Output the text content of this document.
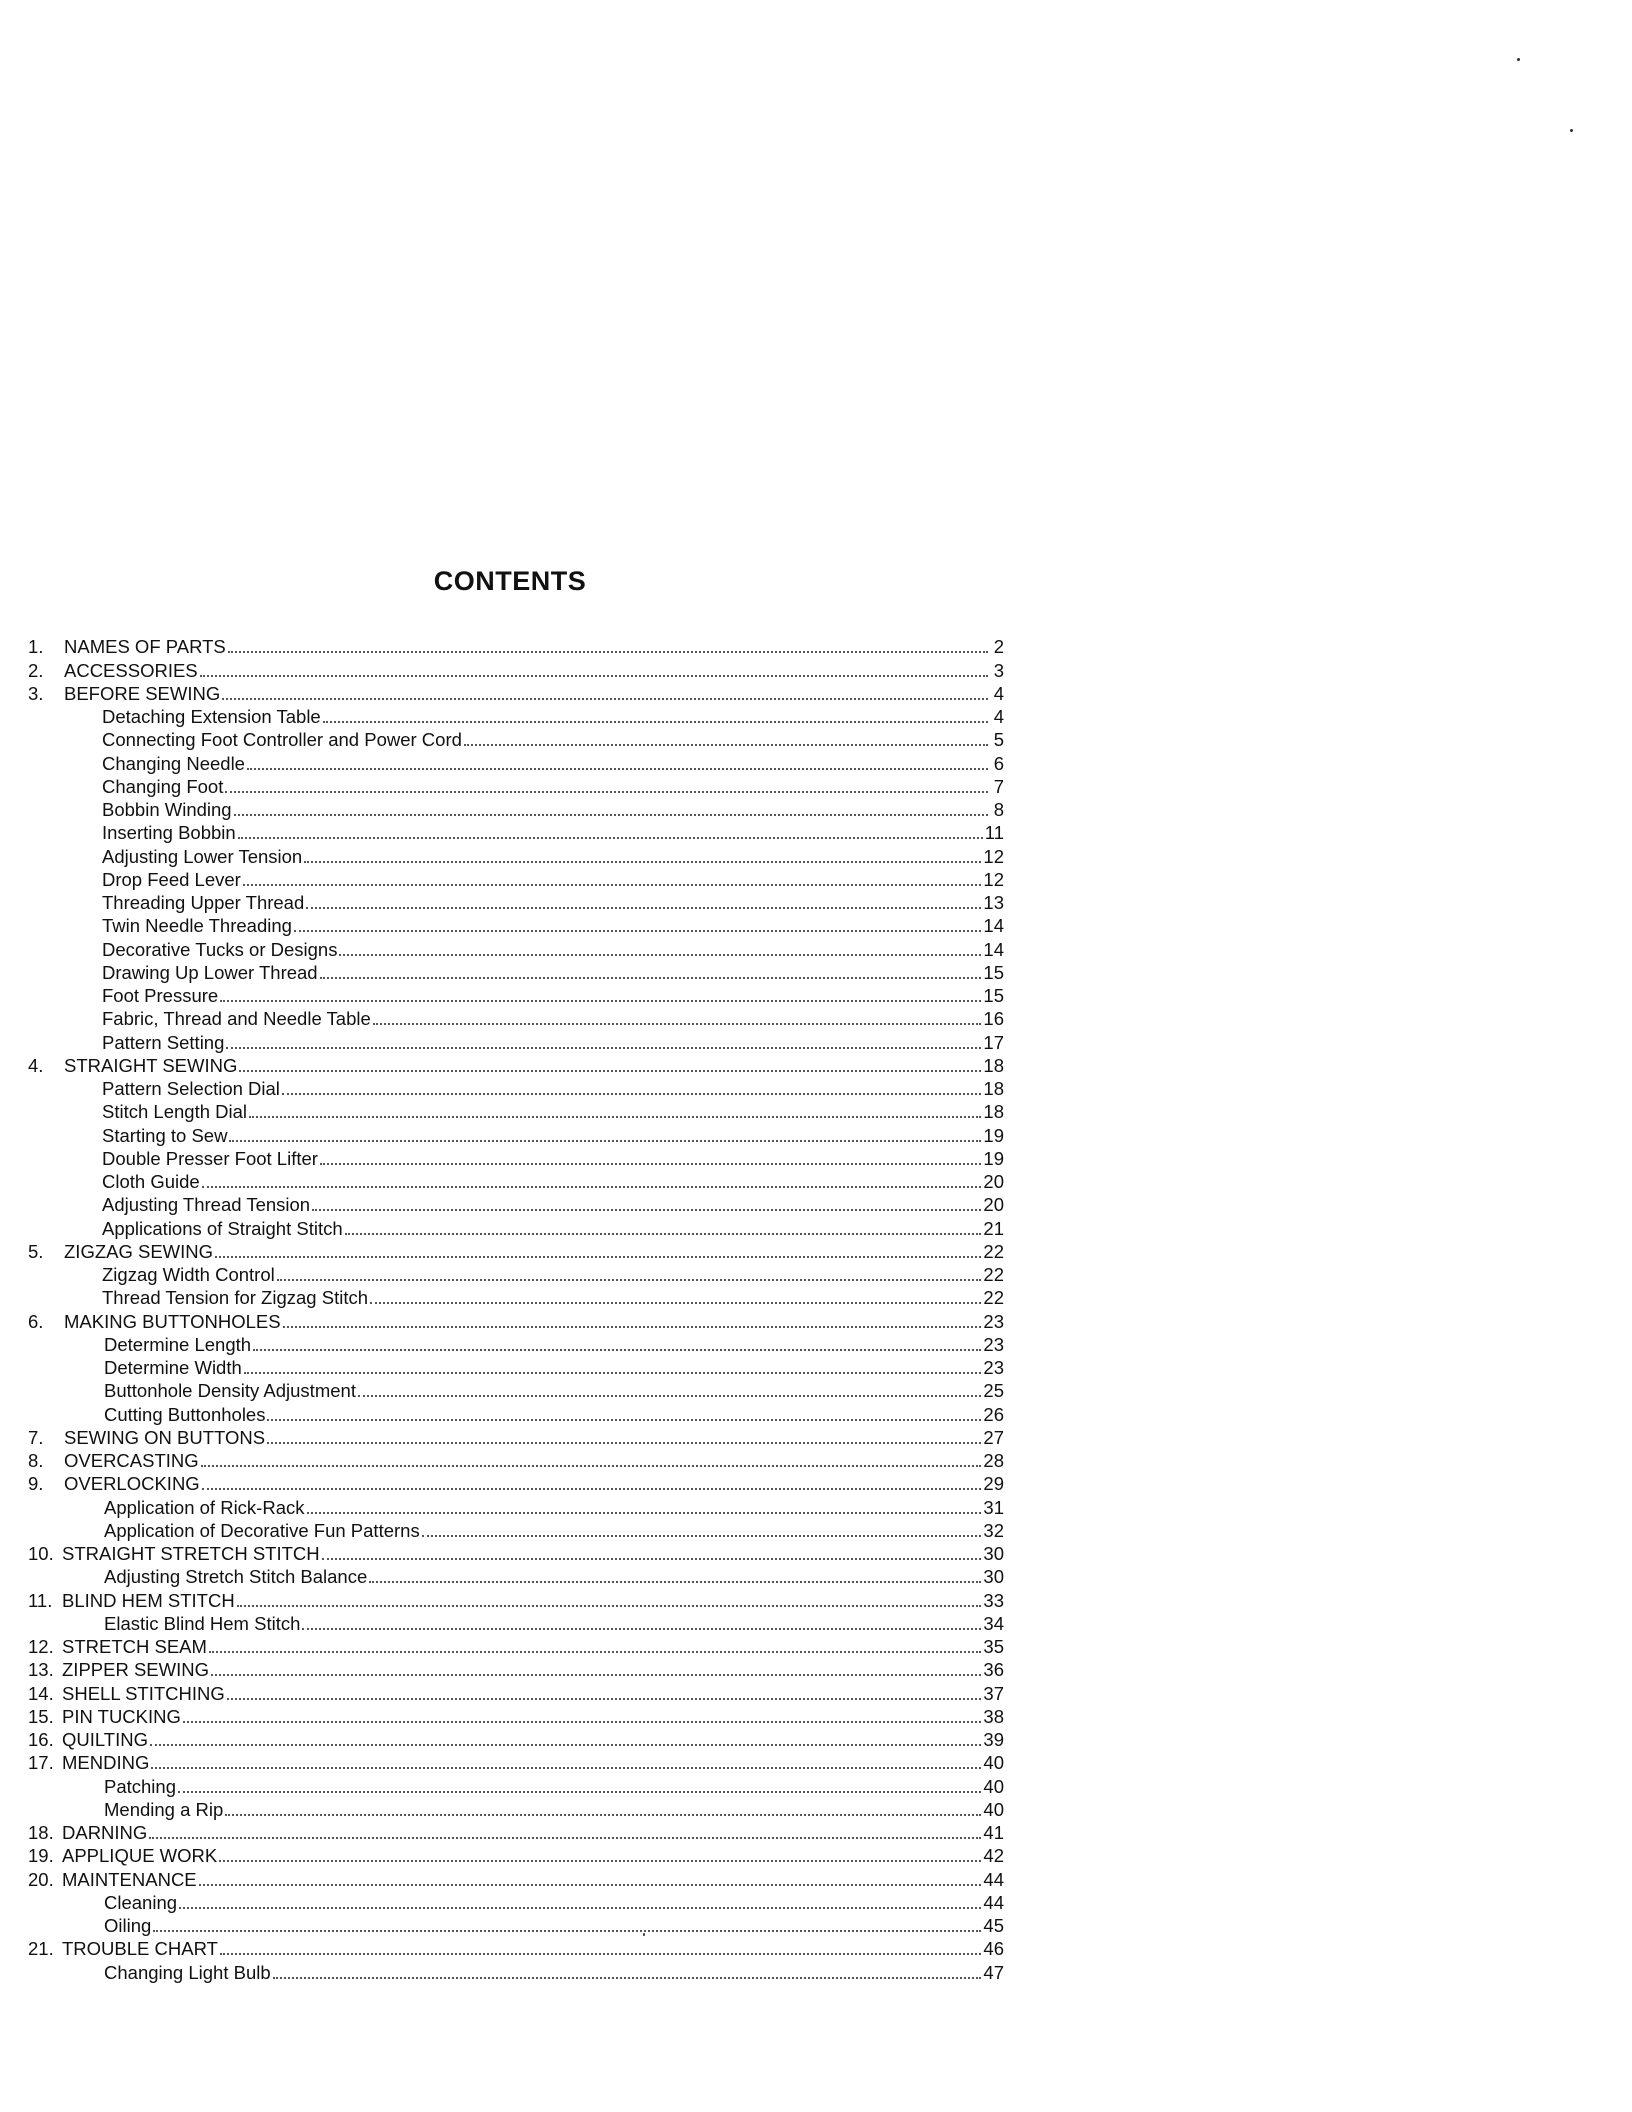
CONTENTS
1.	NAMES OF PARTS	2
2.	ACCESSORIES	3
3.	BEFORE SEWING	4
Detaching Extension Table	4
Connecting Foot Controller and Power Cord	5
Changing Needle	6
Changing Foot	7
Bobbin Winding	8
Inserting Bobbin	11
Adjusting Lower Tension	12
Drop Feed Lever	12
Threading Upper Thread	13
Twin Needle Threading	14
Decorative Tucks or Designs	14
Drawing Up Lower Thread	15
Foot Pressure	15
Fabric, Thread and Needle Table	16
Pattern Setting	17
4.	STRAIGHT SEWING	18
Pattern Selection Dial	18
Stitch Length Dial	18
Starting to Sew	19
Double Presser Foot Lifter	19
Cloth Guide	20
Adjusting Thread Tension	20
Applications of Straight Stitch	21
5.	ZIGZAG SEWING	22
Zigzag Width Control	22
Thread Tension for Zigzag Stitch	22
6.	MAKING BUTTONHOLES	23
Determine Length	23
Determine Width	23
Buttonhole Density Adjustment	25
Cutting Buttonholes	26
7.	SEWING ON BUTTONS	27
8.	OVERCASTING	28
9.	OVERLOCKING	29
Application of Rick-Rack	31
Application of Decorative Fun Patterns	32
10. STRAIGHT STRETCH STITCH	30
Adjusting Stretch Stitch Balance	30
11. BLIND HEM STITCH	33
Elastic Blind Hem Stitch	34
12. STRETCH SEAM	35
13. ZIPPER SEWING	36
14. SHELL STITCHING	37
15. PIN TUCKING	38
16. QUILTING	39
17. MENDING	40
Patching	40
Mending a Rip	40
18. DARNING	41
19. APPLIQUE WORK	42
20. MAINTENANCE	44
Cleaning	44
Oiling	45
21. TROUBLE CHART	46
Changing Light Bulb	47
